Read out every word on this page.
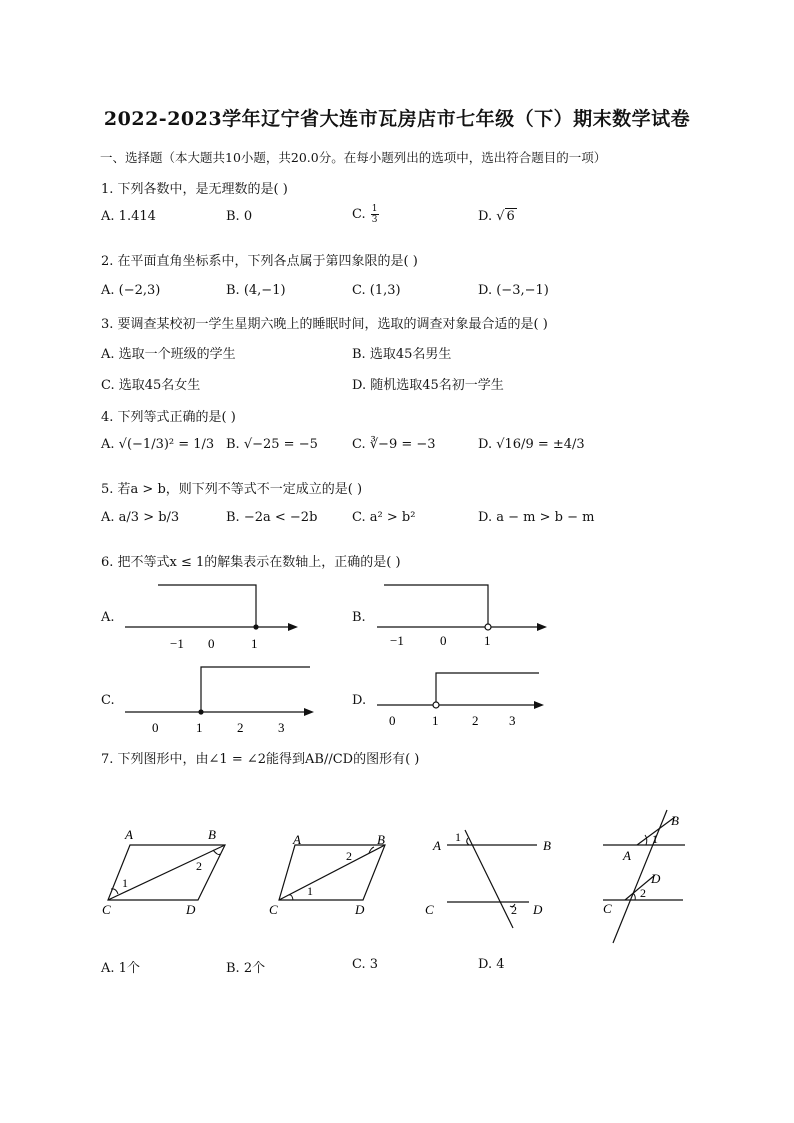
2022-2023学年辽宁省大连市瓦房店市七年级（下）期末数学试卷
一、选择题（本大题共10小题，共20.0分。在每小题列出的选项中，选出符合题目的一项）
1. 下列各数中，是无理数的是( )
A. 1.414	B. 0	C. $\frac{1}{3}$	D. √ 6
2. 在平面直角坐标系中，下列各点属于第四象限的是( )
A. (−2,3)	B. (4,−1)	C. (1,3)	D. (−3,−1)
3. 要调查某校初一学生星期六晚上的睡眠时间，选取的调查对象最合适的是( )
A. 选取一个班级的学生	B. 选取45名男生
C. 选取45名女生	D. 随机选取45名初一学生
4. 下列等式正确的是( )
A. √(−1/3)² = 1/3 B. √−25 = −5	C. ∛−9 = −3	D. √16/9 = ±4/3
5. 若a > b，则下列不等式不一定成立的是( )
A. a/3 > b/3	B. −2a < −2b	C. a² > b²	D. a − m > b − m
6. 把不等式x ≤ 1的解集表示在数轴上，正确的是( )
A.	B.
C.	D.
−1 0	1	−1	0	1
0	1	2	3	0	1	2 3
7. 下列图形中，由∠1 = ∠2能得到AB//CD的图形有( )
A	B
C	D
1
2
A	B
C	D
1
2
A	B
C	D
1
2
B
A
C
D
1
2
A. 1个	B. 2个	C. 3	D. 4
